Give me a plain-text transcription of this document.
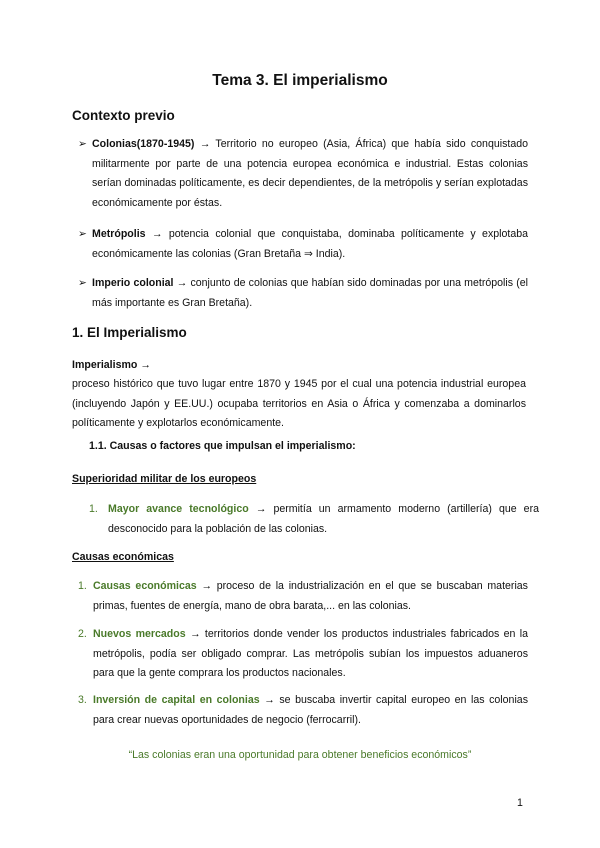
Tema 3. El imperialismo
Contexto previo

➢ Colonias(1870-1945) → Territorio no europeo (Asia, África) que había sido conquistado militarmente por parte de una potencia europea económica e industrial. Estas colonias serían dominadas políticamente, es decir dependientes, de la metrópolis y serían explotadas económicamente por éstas.

➢ Metrópolis → potencia colonial que conquistaba, dominaba políticamente y explotaba económicamente las colonias (Gran Bretaña ⇒ India).

➢ Imperio colonial → conjunto de colonias que habían sido dominadas por una metrópolis (el más importante es Gran Bretaña).

1. El Imperialismo

Imperialismo →

proceso histórico que tuvo lugar entre 1870 y 1945 por el cual una potencia industrial europea (incluyendo Japón y EE.UU.) ocupaba territorios en Asia o África y comenzaba a dominarlos políticamente y explotarlos económicamente.

1.1. Causas o factores que impulsan el imperialismo:

Superioridad militar de los europeos

1. Mayor avance tecnológico → permitía un armamento moderno (artillería) que era desconocido para la población de las colonias.

Causas económicas

1. Causas económicas → proceso de la industrialización en el que se buscaban materias primas, fuentes de energía, mano de obra barata,... en las colonias.

2. Nuevos mercados → territorios donde vender los productos industriales fabricados en la metrópolis, podía ser obligado comprar. Las metrópolis subían los impuestos aduaneros para que la gente comprara los productos nacionales.

3. Inversión de capital en colonias → se buscaba invertir capital europeo en las colonias para crear nuevas oportunidades de negocio (ferrocarril).

“Las colonias eran una oportunidad para obtener beneficios económicos”

1
